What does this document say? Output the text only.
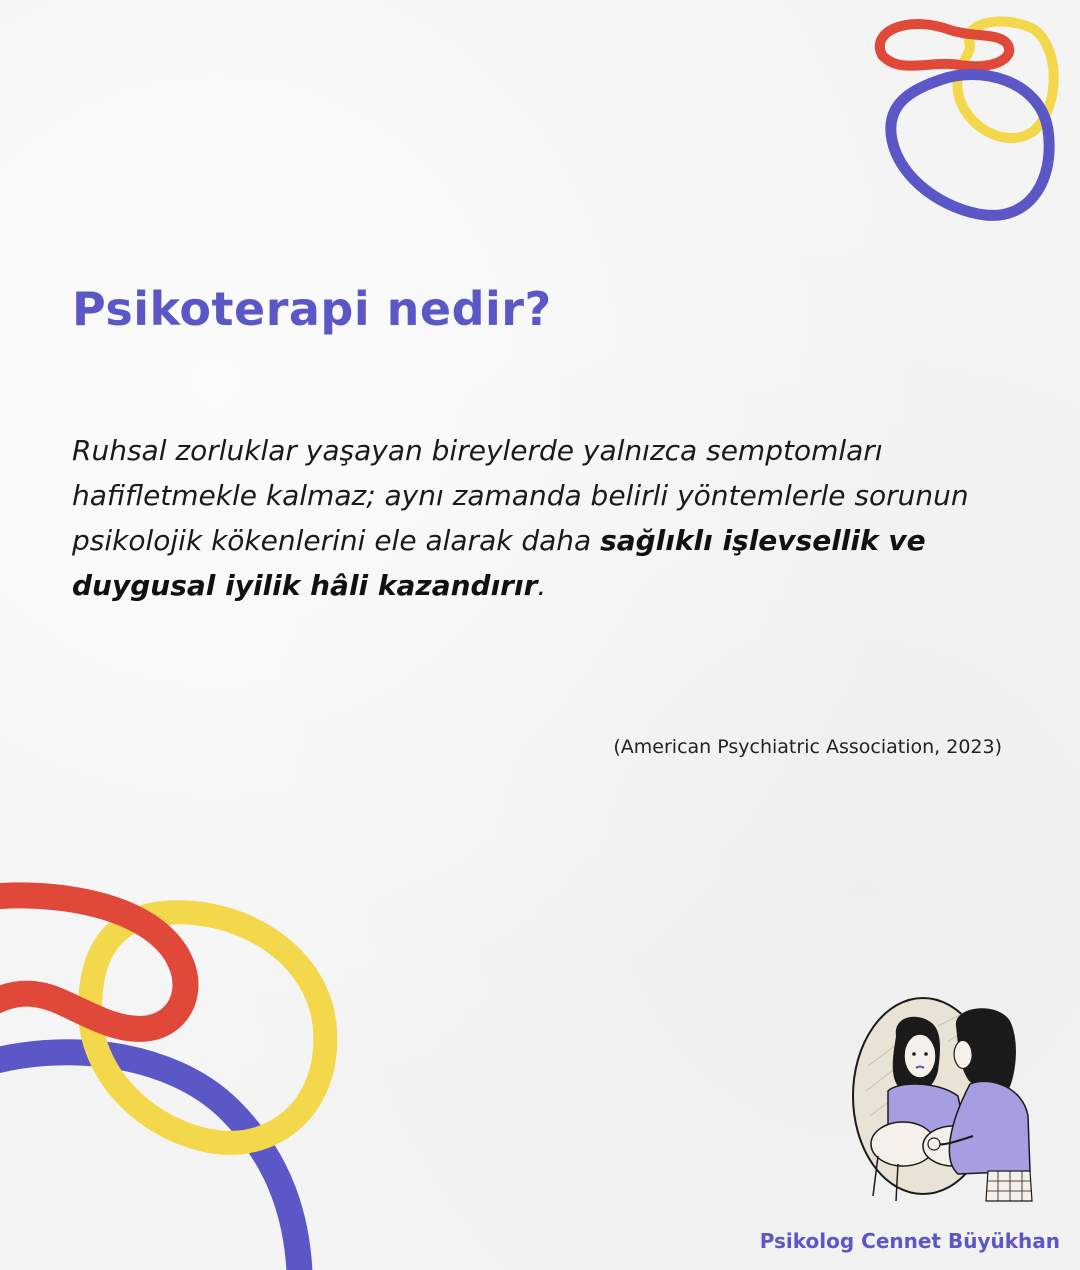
Psikoterapi nedir?

Ruhsal zorluklar yaşayan bireylerde yalnızca semptomları hafifletmekle kalmaz; aynı zamanda belirli yöntemlerle sorunun psikolojik kökenlerini ele alarak daha sağlıklı işlevsellik ve duygusal iyilik hâli kazandırır.

(American Psychiatric Association, 2023)

Psikolog Cennet Büyükhan
